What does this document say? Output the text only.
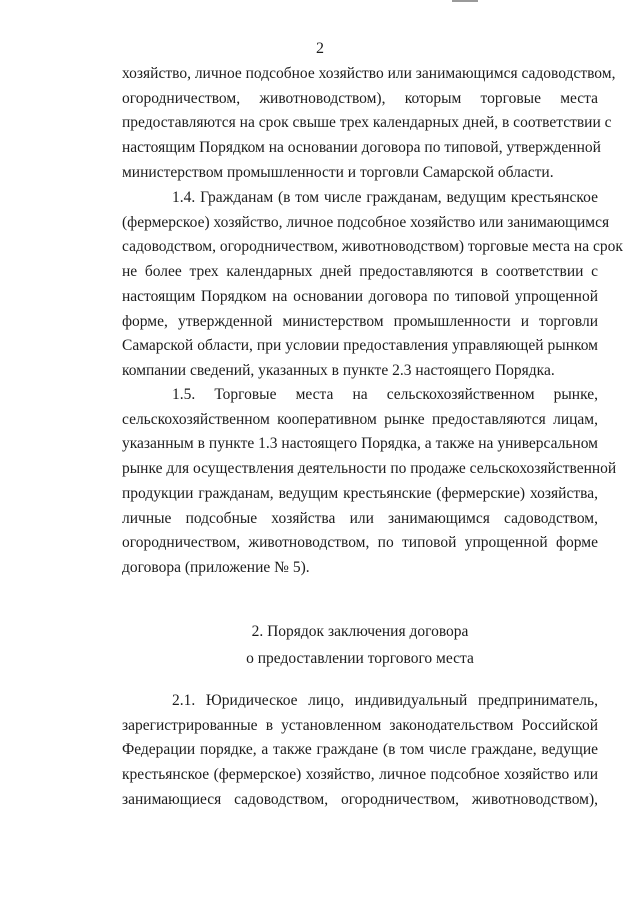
2
хозяйство, личное подсобное хозяйство или занимающимся садоводством,
огородничеством, животноводством), которым торговые места
предоставляются на срок свыше трех календарных дней, в соответствии с
настоящим Порядком на основании договора по типовой, утвержденной
министерством промышленности и торговли Самарской области.
1.4. Гражданам (в том числе гражданам, ведущим крестьянское
(фермерское) хозяйство, личное подсобное хозяйство или занимающимся
садоводством, огородничеством, животноводством) торговые места на срок
не более трех календарных дней предоставляются в соответствии с
настоящим Порядком на основании договора по типовой упрощенной
форме, утвержденной министерством промышленности и торговли
Самарской области, при условии предоставления управляющей рынком
компании сведений, указанных в пункте 2.3 настоящего Порядка.
1.5. Торговые места на сельскохозяйственном рынке,
сельскохозяйственном кооперативном рынке предоставляются лицам,
указанным в пункте 1.3 настоящего Порядка, а также на универсальном
рынке для осуществления деятельности по продаже сельскохозяйственной
продукции гражданам, ведущим крестьянские (фермерские) хозяйства,
личные подсобные хозяйства или занимающимся садоводством,
огородничеством, животноводством, по типовой упрощенной форме
договора (приложение № 5).
2. Порядок заключения договора
о предоставлении торгового места
2.1. Юридическое лицо, индивидуальный предприниматель,
зарегистрированные в установленном законодательством Российской
Федерации порядке, а также граждане (в том числе граждане, ведущие
крестьянское (фермерское) хозяйство, личное подсобное хозяйство или
занимающиеся садоводством, огородничеством, животноводством),
